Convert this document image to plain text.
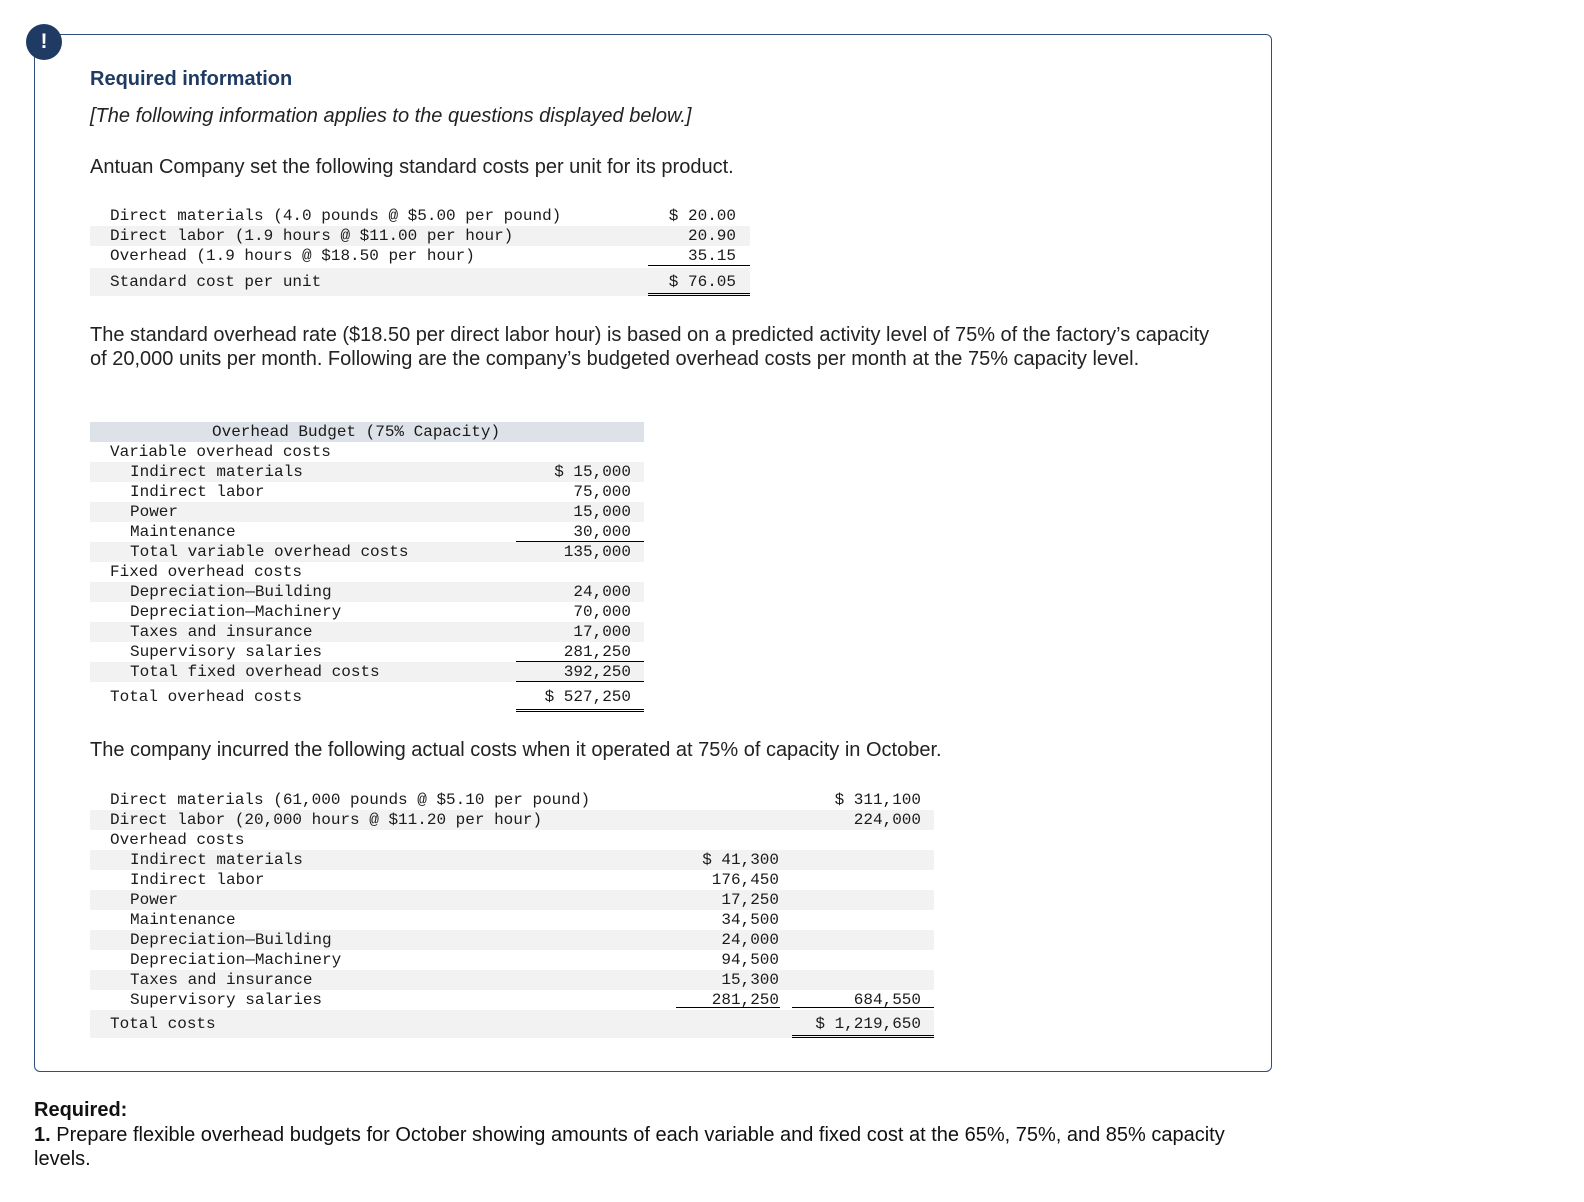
!
Required information
[The following information applies to the questions displayed below.]
Antuan Company set the following standard costs per unit for its product.
Direct materials (4.0 pounds @ $5.00 per pound)	$ 20.00
Direct labor (1.9 hours @ $11.00 per hour)	20.90
Overhead (1.9 hours @ $18.50 per hour)	35.15
Standard cost per unit	$ 76.05
The standard overhead rate ($18.50 per direct labor hour) is based on a predicted activity level of 75% of the factory’s capacity of 20,000 units per month. Following are the company’s budgeted overhead costs per month at the 75% capacity level.
Overhead Budget (75% Capacity)
Variable overhead costs
Indirect materials	$ 15,000
Indirect labor	75,000
Power	15,000
Maintenance	30,000
Total variable overhead costs	135,000
Fixed overhead costs
Depreciation—Building	24,000
Depreciation—Machinery	70,000
Taxes and insurance	17,000
Supervisory salaries	281,250
Total fixed overhead costs	392,250
Total overhead costs	$ 527,250
The company incurred the following actual costs when it operated at 75% of capacity in October.
Direct materials (61,000 pounds @ $5.10 per pound)	$ 311,100
Direct labor (20,000 hours @ $11.20 per hour)	224,000
Overhead costs
Indirect materials	$ 41,300
Indirect labor	176,450
Power	17,250
Maintenance	34,500
Depreciation—Building	24,000
Depreciation—Machinery	94,500
Taxes and insurance	15,300
Supervisory salaries	281,250	684,550
Total costs	$ 1,219,650
Required:
1. Prepare flexible overhead budgets for October showing amounts of each variable and fixed cost at the 65%, 75%, and 85% capacity levels.
